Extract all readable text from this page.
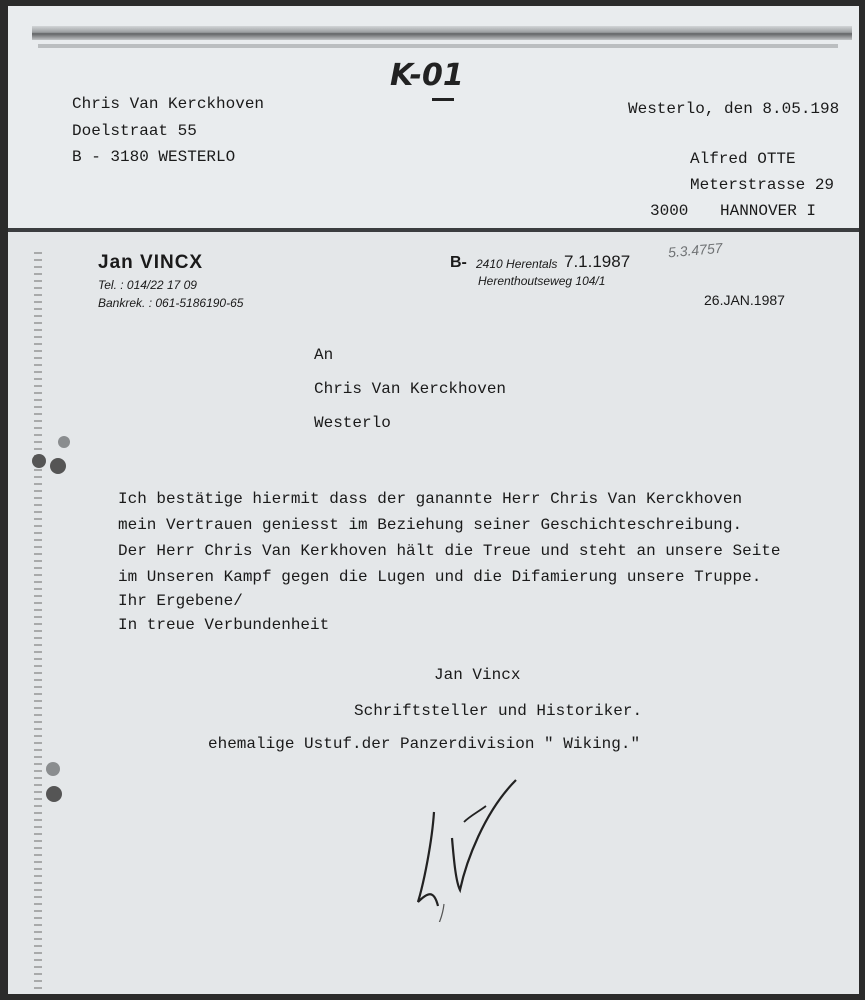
K-01
Chris Van Kerckhoven
Doelstraat 55
B - 3180 WESTERLO
Westerlo, den 8.05.198
Alfred OTTE
Meterstrasse 29
3000 HANNOVER I
Jan VINCX
Tel. : 014/22 17 09
Bankrek. : 061-5186190-65
B- 2410 Herentals 7.1.1987
Herenthoutseweg 104/1
5.3.4757
26.JAN.1987
An
Chris Van Kerckhoven
Westerlo
Ich bestätige hiermit dass der ganannte Herr Chris Van Kerckhoven
mein Vertrauen geniesst im Beziehung seiner Geschichteschreibung.
Der Herr Chris Van Kerkhoven hält die Treue und steht an unsere Seite
im Unseren Kampf gegen die Lugen und die Difamierung unsere Truppe.
Ihr Ergebene/
In treue Verbundenheit
Jan Vincx
Schriftsteller und Historiker.
ehemalige Ustuf.der Panzerdivision " Wiking."
